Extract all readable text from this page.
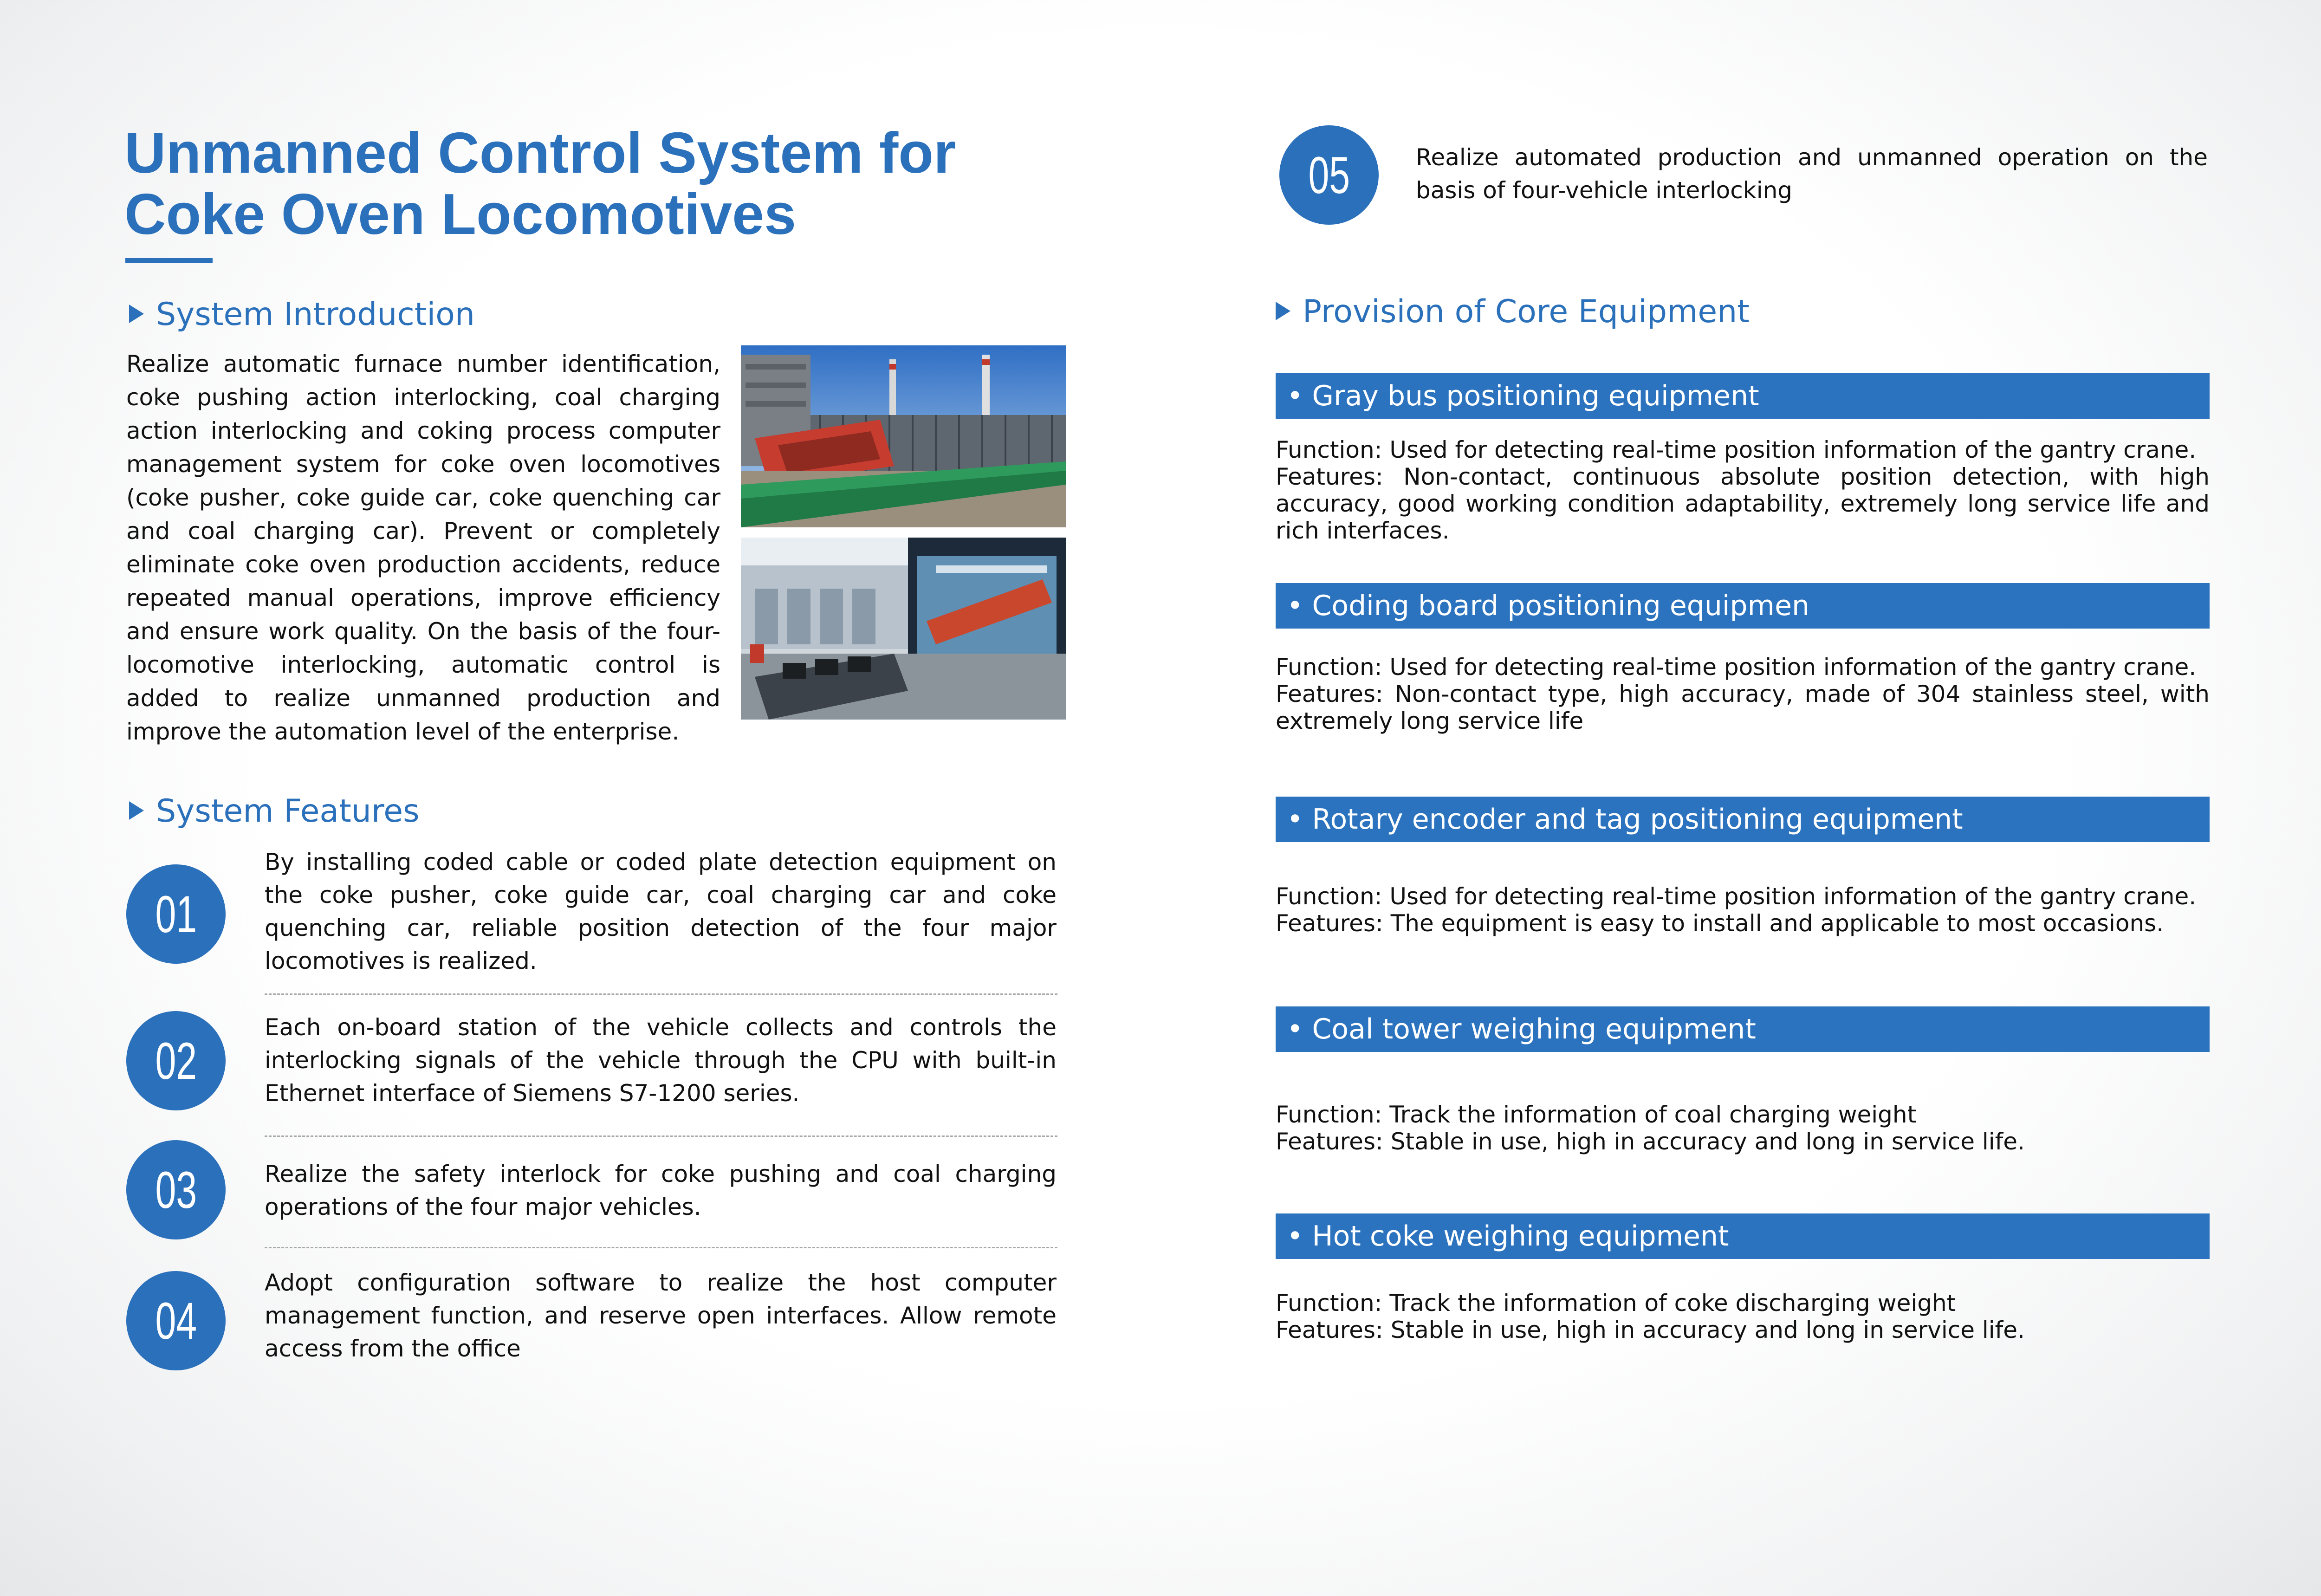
Unmanned Control System for
Coke Oven Locomotives
System Introduction
Realize automatic furnace number identification, coke pushing action interlocking, coal charging action interlocking and coking process computer management system for coke oven locomotives (coke pusher, coke guide car, coke quenching car and coal charging car). Prevent or completely eliminate coke oven production accidents, reduce repeated manual operations, improve efficiency and ensure work quality. On the basis of the four-locomotive interlocking, automatic control is added to realize unmanned production and improve the automation level of the enterprise.
System Features
01
By installing coded cable or coded plate detection equipment on the coke pusher, coke guide car, coal charging car and coke quenching car, reliable position detection of the four major locomotives is realized.
02
Each on-board station of the vehicle collects and controls the interlocking signals of the vehicle through the CPU with built-in Ethernet interface of Siemens S7-1200 series.
03	Realize the safety interlock for coke pushing and coal charging operations of the four major vehicles.
04
Adopt configuration software to realize the host computer management function, and reserve open interfaces. Allow remote access from the office
05	Realize automated production and unmanned operation on the basis of four-vehicle interlocking
Provision of Core Equipment
• Gray bus positioning equipment
Function: Used for detecting real-time position information of the gantry crane.
Features: Non-contact, continuous absolute position detection, with high accuracy, good working condition adaptability, extremely long service life and rich interfaces.
• Coding board positioning equipmen
Function: Used for detecting real-time position information of the gantry crane.
Features: Non-contact type, high accuracy, made of 304 stainless steel, with extremely long service life
• Rotary encoder and tag positioning equipment
Function: Used for detecting real-time position information of the gantry crane.
Features: The equipment is easy to install and applicable to most occasions.
• Coal tower weighing equipment
Function: Track the information of coal charging weight
Features: Stable in use, high in accuracy and long in service life.
• Hot coke weighing equipment
Function: Track the information of coke discharging weight
Features: Stable in use, high in accuracy and long in service life.
